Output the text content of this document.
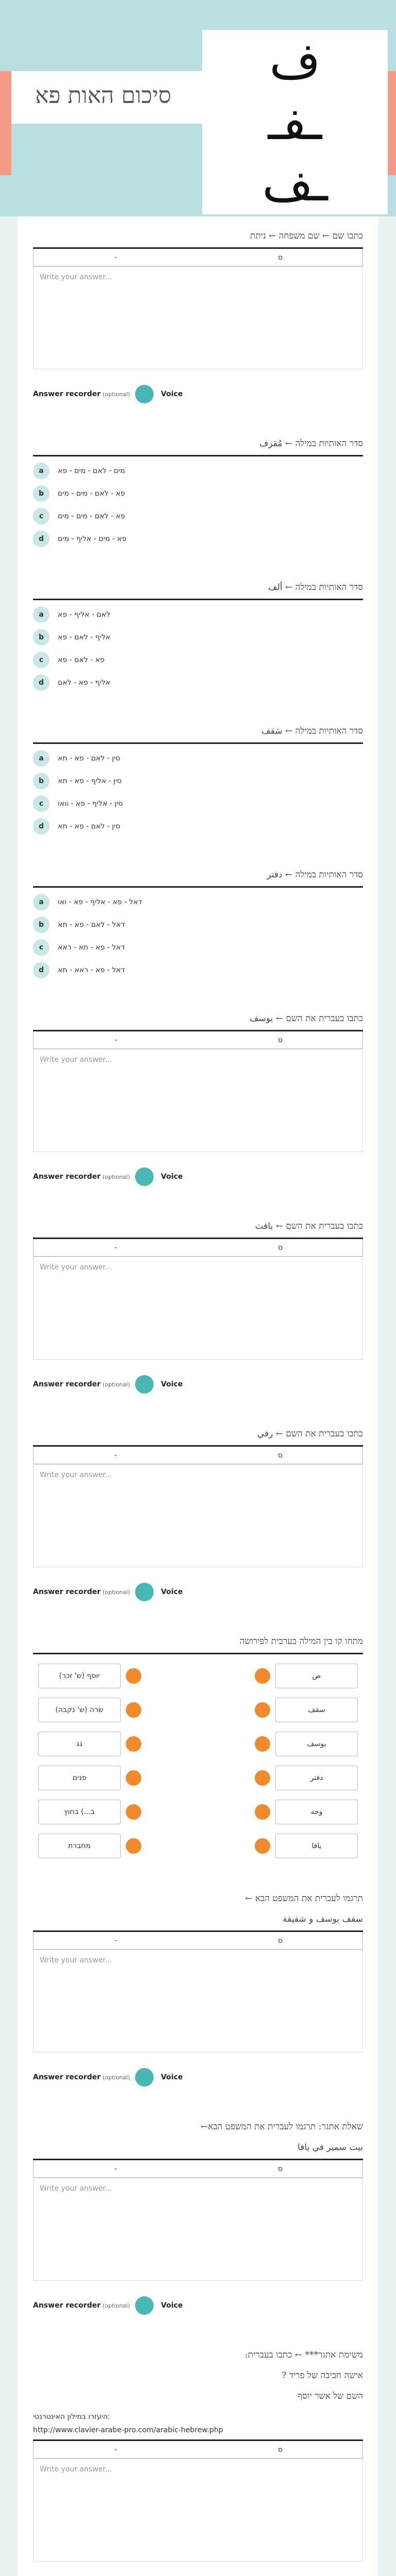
סיכום האות פא
ف
ـفـ
ـف
כתבו שם ← שם משפחה ← ניתת
-	ס
Write your answer...
Answer recorder (optional)	Voice
סדר האותיות במילה ← مُقرف
a	מים - לאם - מים - פא
b	פא - לאם - מים - מים
c	פא - לאם - מים - מים
d	פא - מים - אליף - מים
סדר האותיות במילה ← ألف
a	לאם - אליף - פא
b	אליף - לאם - פא
c	פא - לאם - פא
d	אליף - פא - לאם
סדר האותיות במילה ← سَقف
a	סין - לאם - פא - תא
b	סין - אליף - פא - תא
c	סין - אליף - פא - וואו
d	סין - לאם - פא - תא
סדר האותיות במילה ← دفتر
a	דאל - פא - אליף - פא - ואו
b	דאל - לאם - פא - תא
c	דאל - פא - תא - ראא
d	דאל - פא - ראא - תא
כתבו בעברית את השם ← يوسف
-	ס
Write your answer...
Answer recorder (optional)	Voice
כתבו בעברית את השם ← يافث
-	ס
Write your answer...
Answer recorder (optional)	Voice
כתבו בעברית את השם ← رفي
-	ס
Write your answer...
Answer recorder (optional)	Voice
מתחו קו בין המילה בערבית לפירושה
יוסף (ש' זכר)	ص
שרה (ש' נקבה)	سقف
גג	يوسف
פנים	دفتر
ב...) בחוץ	وجه
מחברת	يافا
תרגמו לעברית את המשפט הבא ←
سقف يوسف و شفيقة
-	ס
Write your answer...
Answer recorder (optional)	Voice
שאלת אתגר: תרגמו לעברית את המשפט הבא←
بيت سمير في يافا
-	ס
Write your answer...
Answer recorder (optional)	Voice
משימת אתגר*** ← כתבו בעברית:
אישה חביבה של פריד ?
השם של אשר יוסף
היעזרו במילון האינטרנטי:
http://www.clavier-arabe-pro.com/arabic-hebrew.php
-	ס
Write your answer...
